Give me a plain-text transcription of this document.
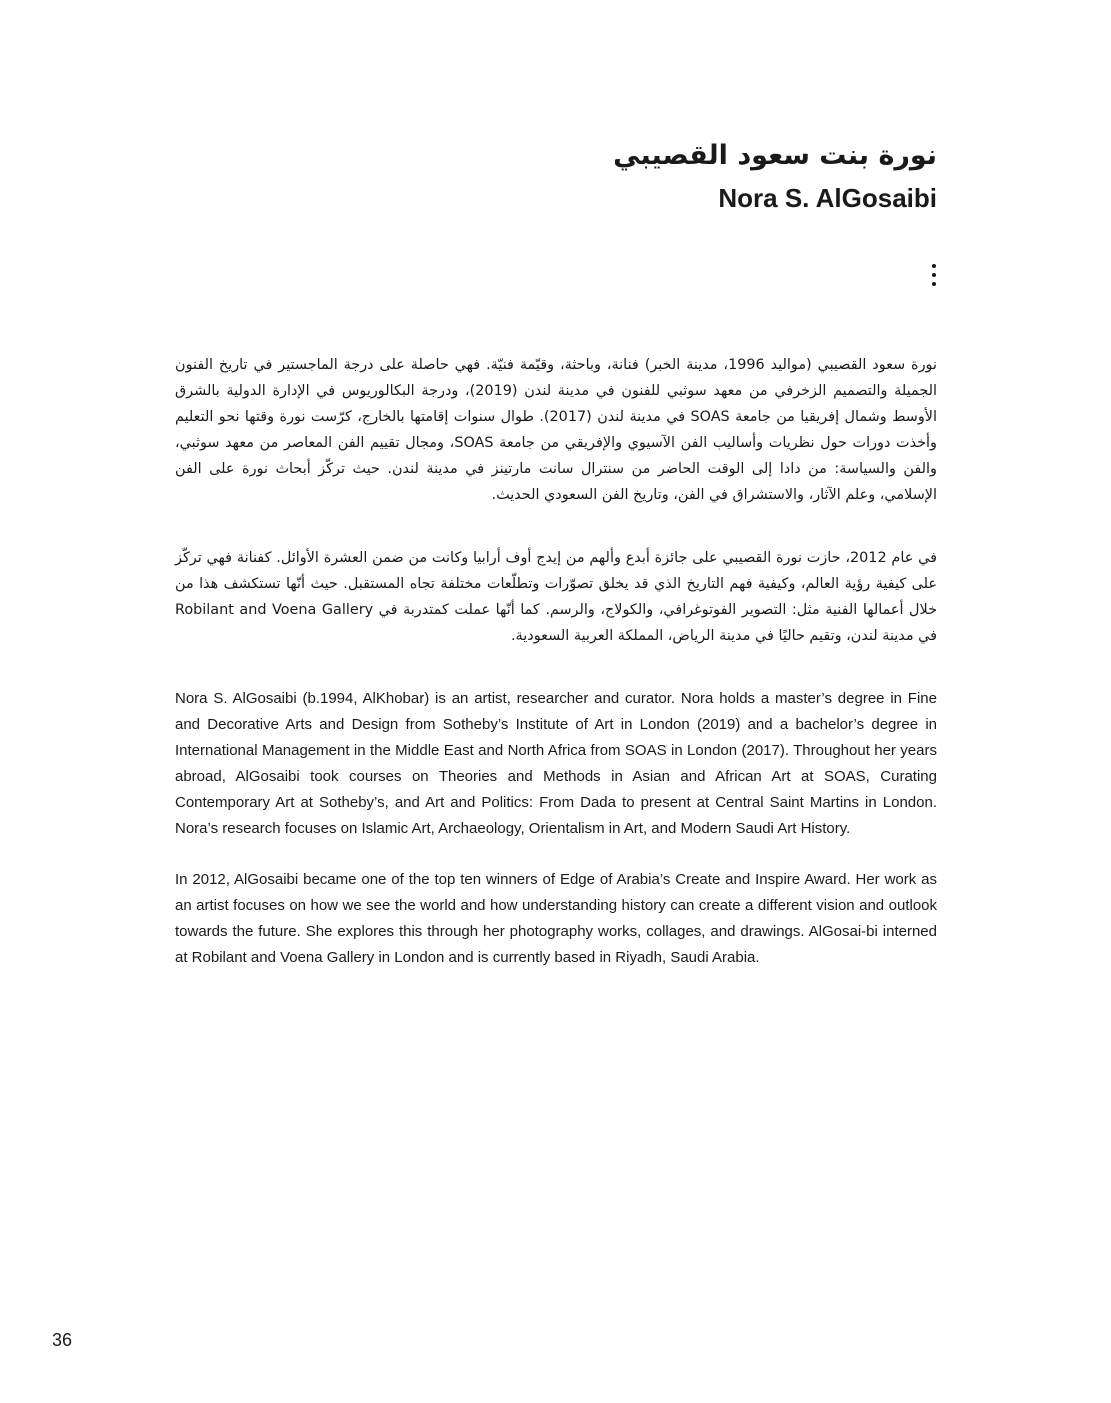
نورة بنت سعود القصيبي
Nora S. AlGosaibi

نورة سعود القصيبي (مواليد 1996، مدينة الخبر) فنانة، وباحثة، وقيّمة فنيّة. فهي حاصلة على درجة الماجستير في تاريخ الفنون الجميلة والتصميم الزخرفي من معهد سوثبي للفنون في مدينة لندن (2019)، ودرجة البكالوريوس في الإدارة الدولية بالشرق الأوسط وشمال إفريقيا من جامعة SOAS في مدينة لندن (2017). طوال سنوات إقامتها بالخارج، كرّست نورة وقتها نحو التعليم وأخذت دورات حول نظريات وأساليب الفن الآسيوي والإفريقي من جامعة SOAS، ومجال تقييم الفن المعاصر من معهد سوثبي، والفن والسياسة: من دادا إلى الوقت الحاضر من سنترال سانت مارتينز في مدينة لندن. حيث تركّز أبحاث نورة على الفن الإسلامي، وعلم الآثار، والاستشراق في الفن، وتاريخ الفن السعودي الحديث.

في عام 2012، حازت نورة القصيبي على جائزة أبدع وألهم من إيدج أوف أرابيا وكانت من ضمن العشرة الأوائل. كفنانة فهي تركّز على كيفية رؤية العالم، وكيفية فهم التاريخ الذي قد يخلق تصوّرات وتطلّعات مختلفة تجاه المستقبل. حيث أنّها تستكشف هذا من خلال أعمالها الفنية مثل: التصوير الفوتوغرافي، والكولاج، والرسم. كما أنّها عملت كمتدربة في Robilant and Voena Gallery في مدينة لندن، وتقيم حاليًا في مدينة الرياض، المملكة العربية السعودية.

Nora S. AlGosaibi (b.1994, AlKhobar) is an artist, researcher and curator. Nora holds a master’s degree in Fine and Decorative Arts and Design from Sotheby’s Institute of Art in London (2019) and a bachelor’s degree in International Management in the Middle East and North Africa from SOAS in London (2017). Throughout her years abroad, AlGosaibi took courses on Theories and Methods in Asian and African Art at SOAS, Curating Contemporary Art at Sotheby’s, and Art and Politics: From Dada to present at Central Saint Martins in London. Nora’s research focuses on Islamic Art, Archaeology, Orientalism in Art, and Modern Saudi Art History.

In 2012, AlGosaibi became one of the top ten winners of Edge of Arabia’s Create and Inspire Award. Her work as an artist focuses on how we see the world and how understanding history can create a different vision and outlook towards the future. She explores this through her photography works, collages, and drawings. AlGosai-bi interned at Robilant and Voena Gallery in London and is currently based in Riyadh, Saudi Arabia.

36
